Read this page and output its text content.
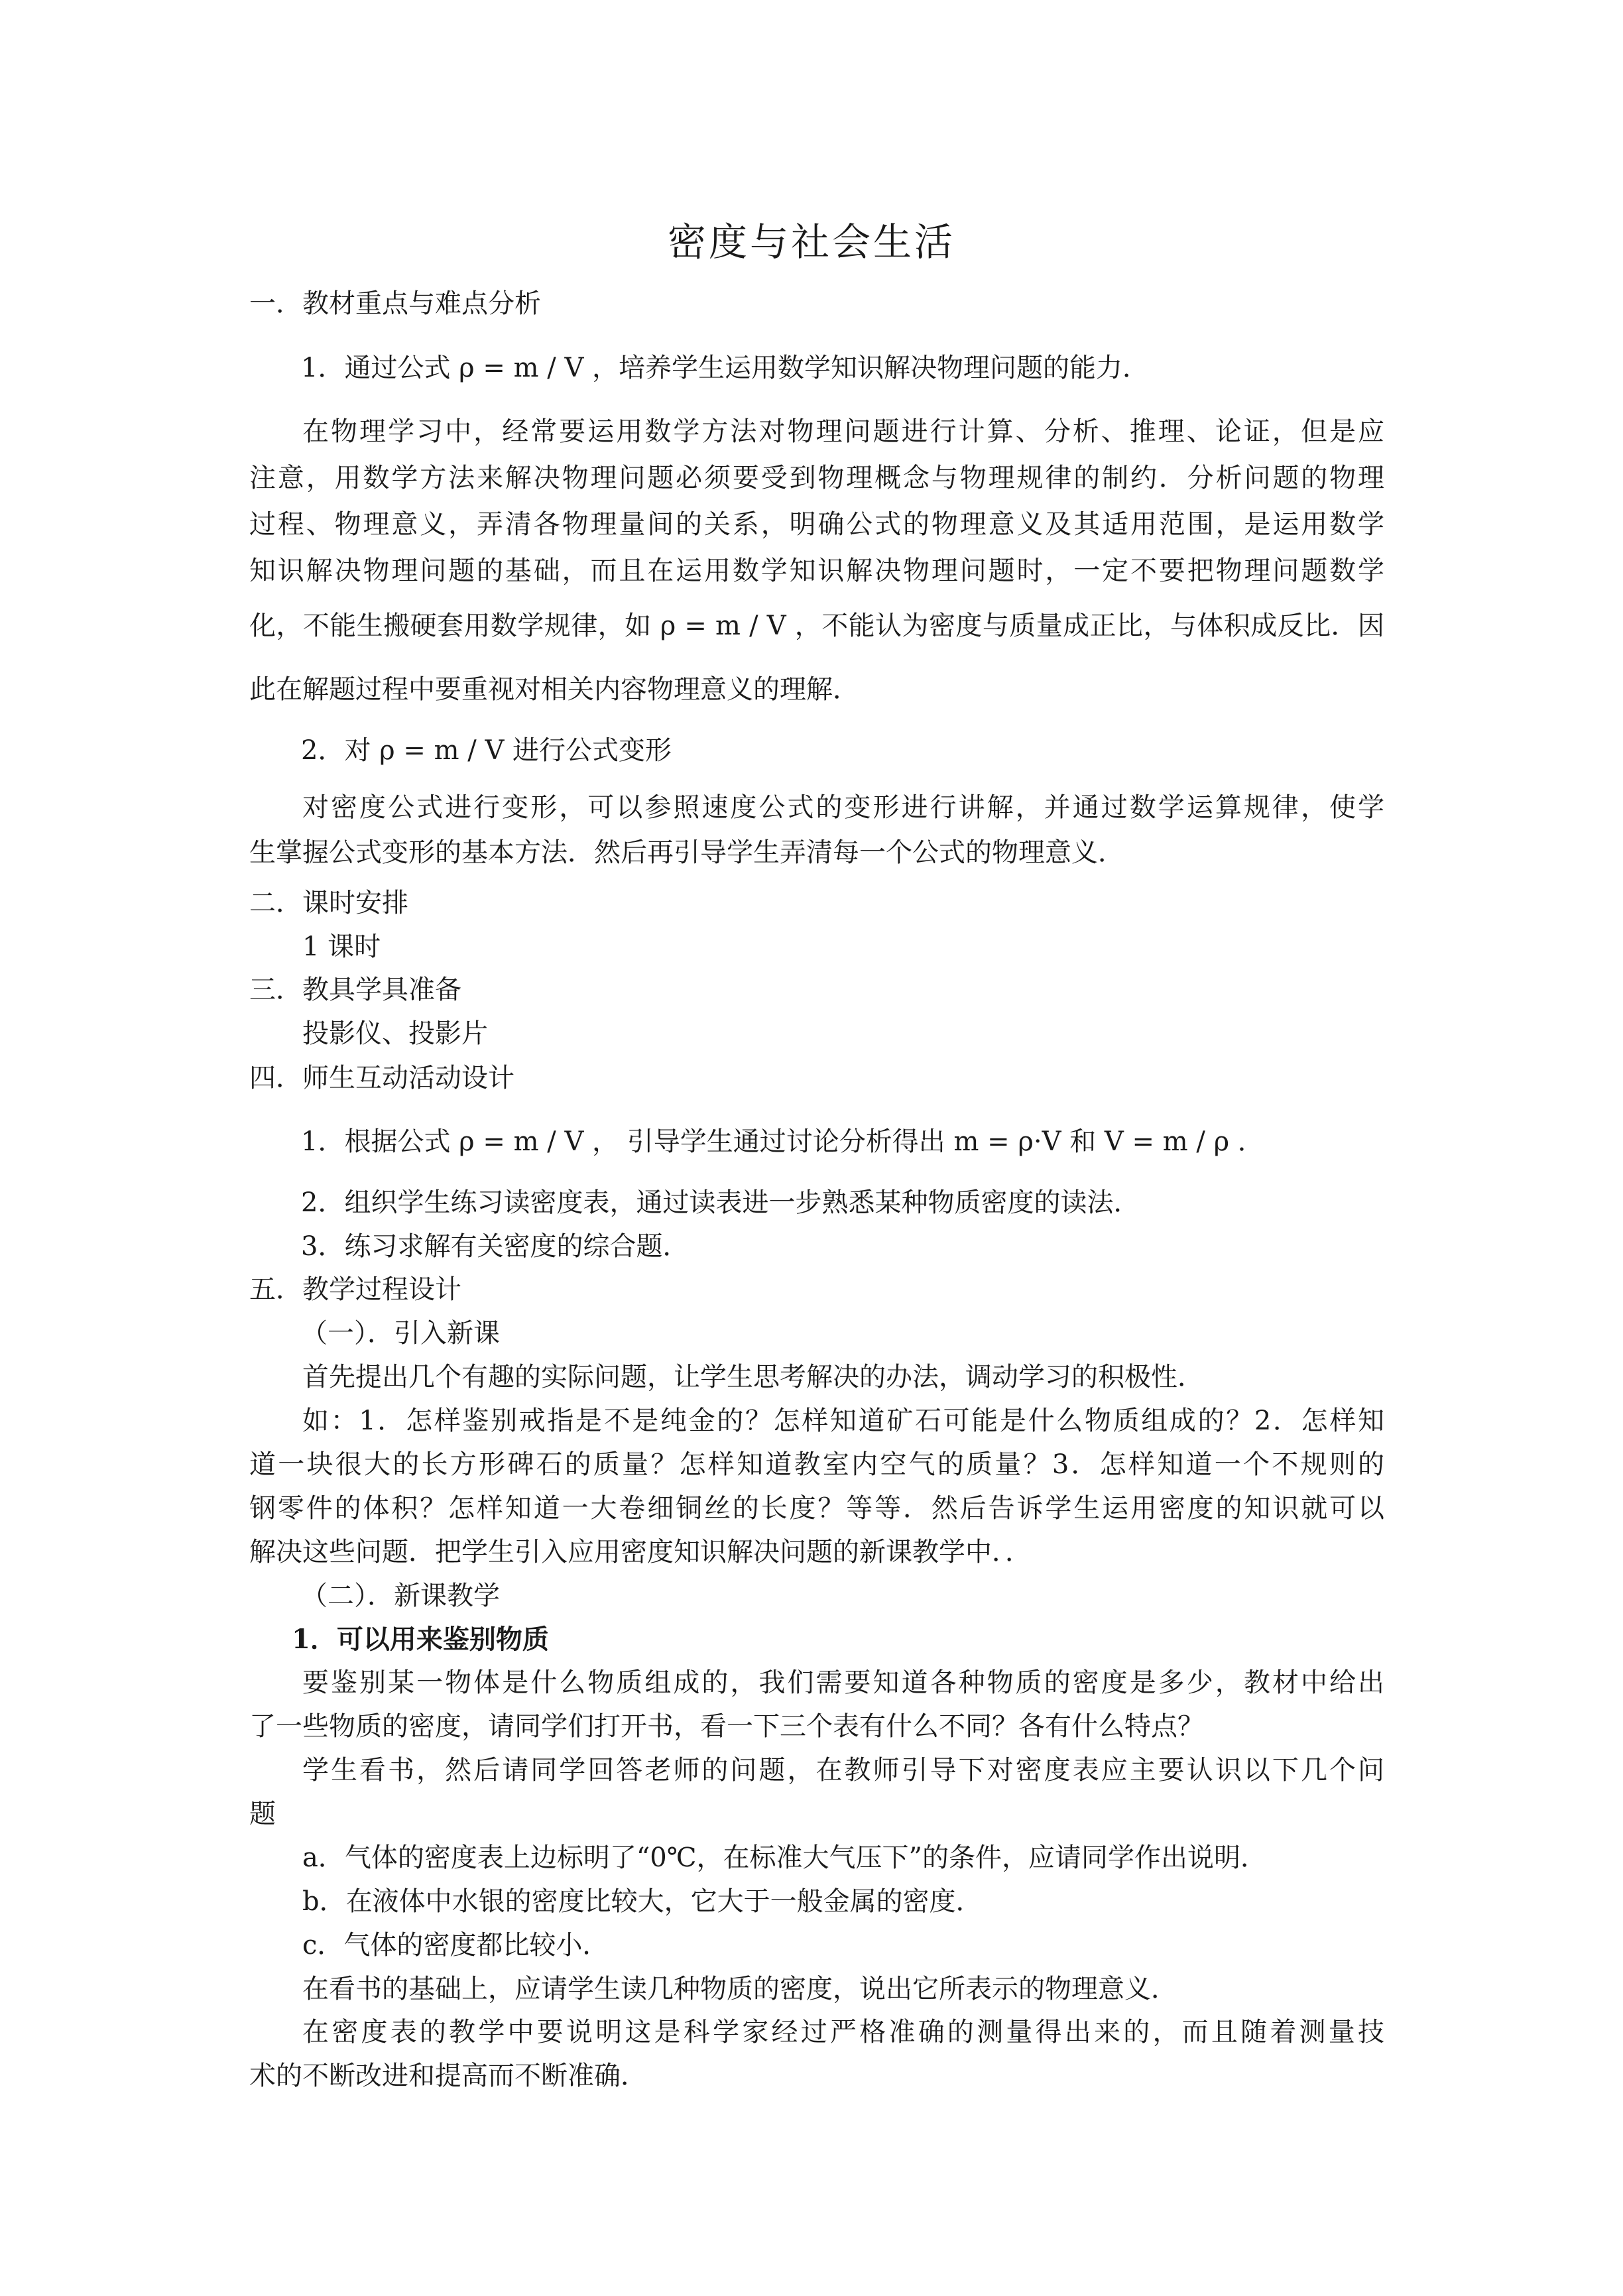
密度与社会生活
一．教材重点与难点分析
1．通过公式 ρ = m / V ，培养学生运用数学知识解决物理问题的能力．
在物理学习中，经常要运用数学方法对物理问题进行计算、分析、推理、论证，但是应
注意，用数学方法来解决物理问题必须要受到物理概念与物理规律的制约．分析问题的物理
过程、物理意义，弄清各物理量间的关系，明确公式的物理意义及其适用范围，是运用数学
知识解决物理问题的基础，而且在运用数学知识解决物理问题时，一定不要把物理问题数学
化，不能生搬硬套用数学规律，如 ρ = m / V ，不能认为密度与质量成正比，与体积成反比．因
此在解题过程中要重视对相关内容物理意义的理解．
2．对 ρ = m / V 进行公式变形
对密度公式进行变形，可以参照速度公式的变形进行讲解，并通过数学运算规律，使学
生掌握公式变形的基本方法．然后再引导学生弄清每一个公式的物理意义．
二．课时安排
1 课时
三．教具学具准备
投影仪、投影片
四．师生互动活动设计
1．根据公式 ρ = m / V ， 引导学生通过讨论分析得出 m = ρ·V 和 V = m / ρ ．
2．组织学生练习读密度表，通过读表进一步熟悉某种物质密度的读法．
3．练习求解有关密度的综合题．
五．教学过程设计
（一）．引入新课
首先提出几个有趣的实际问题，让学生思考解决的办法，调动学习的积极性．
如：1．怎样鉴别戒指是不是纯金的？怎样知道矿石可能是什么物质组成的？2．怎样知
道一块很大的长方形碑石的质量？怎样知道教室内空气的质量？3．怎样知道一个不规则的
钢零件的体积？怎样知道一大卷细铜丝的长度？等等．然后告诉学生运用密度的知识就可以
解决这些问题．把学生引入应用密度知识解决问题的新课教学中．．
（二）．新课教学
1．可以用来鉴别物质
要鉴别某一物体是什么物质组成的，我们需要知道各种物质的密度是多少，教材中给出
了一些物质的密度，请同学们打开书，看一下三个表有什么不同？各有什么特点？
学生看书，然后请同学回答老师的问题，在教师引导下对密度表应主要认识以下几个问
题
a．气体的密度表上边标明了“0℃，在标准大气压下”的条件，应请同学作出说明．
b．在液体中水银的密度比较大，它大于一般金属的密度．
c．气体的密度都比较小．
在看书的基础上，应请学生读几种物质的密度，说出它所表示的物理意义．
在密度表的教学中要说明这是科学家经过严格准确的测量得出来的，而且随着测量技
术的不断改进和提高而不断准确．
